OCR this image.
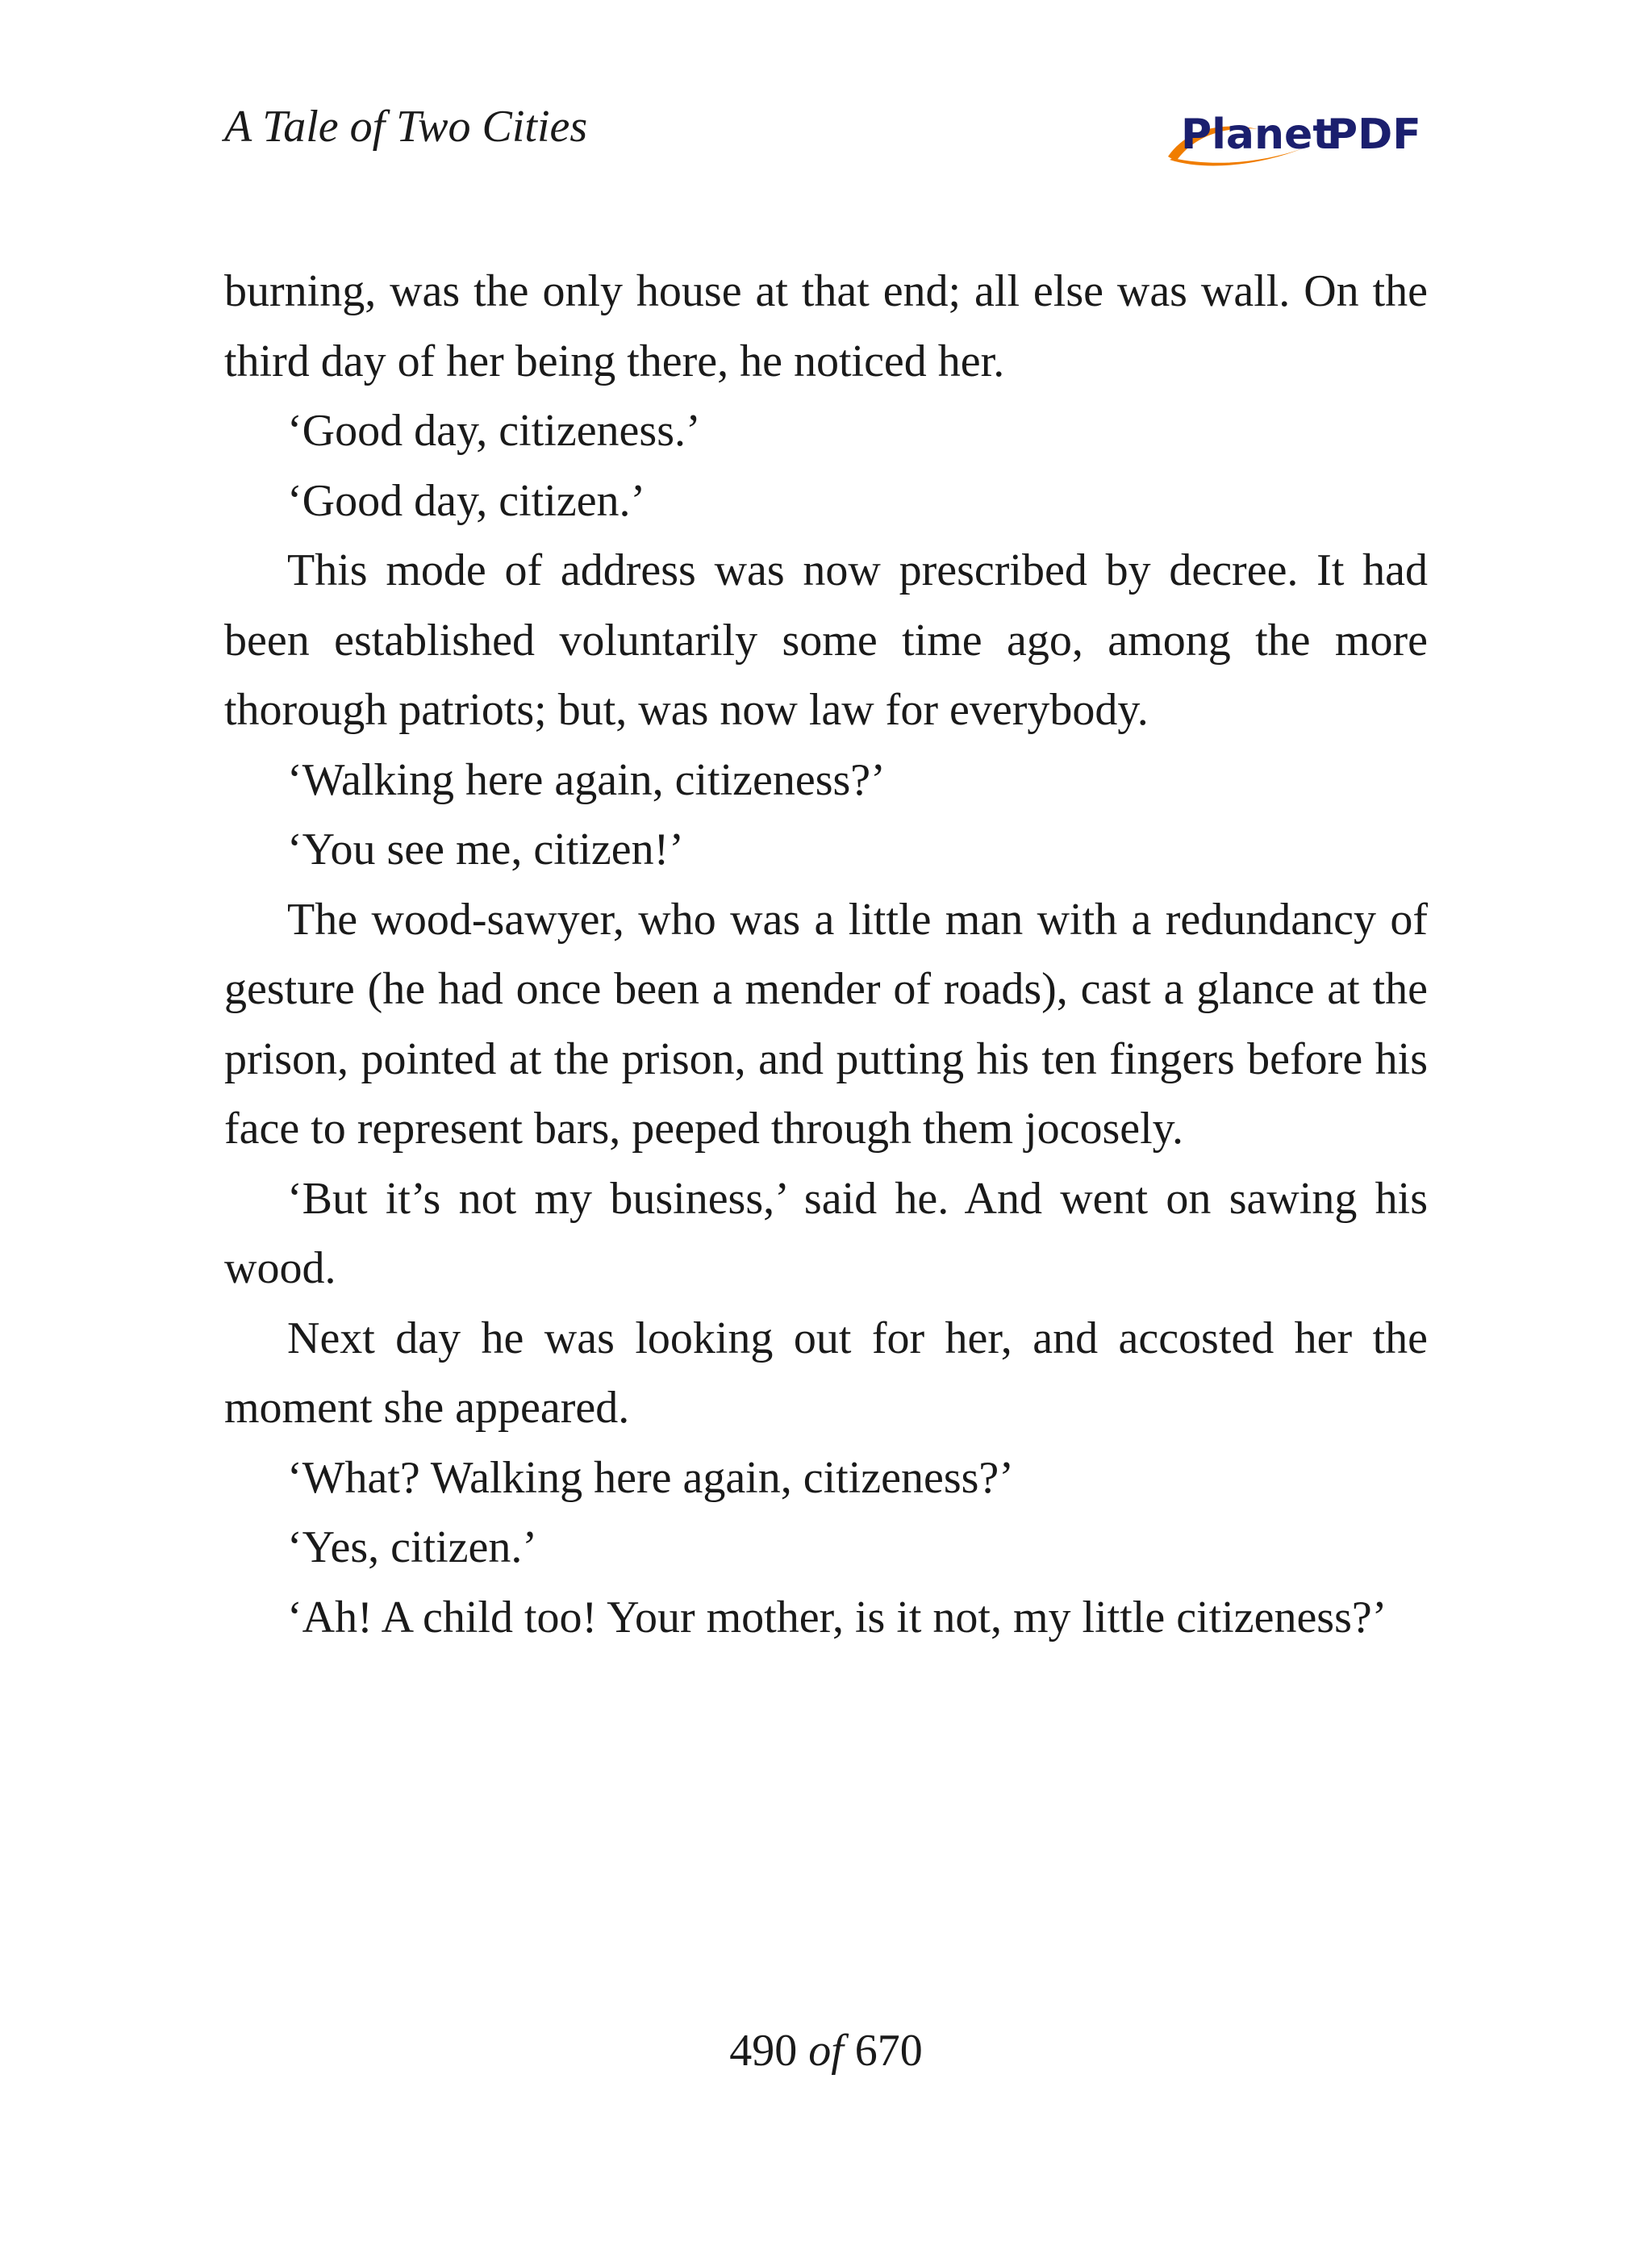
A Tale of Two Cities	Planet
PDF

burning, was the only house at that end; all else was wall. On the third day of her being there, he noticed her.

‘Good day, citizeness.’

‘Good day, citizen.’

This mode of address was now prescribed by decree. It had been established voluntarily some time ago, among the more thorough patriots; but, was now law for everybody.

‘Walking here again, citizeness?’

‘You see me, citizen!’

The wood-sawyer, who was a little man with a redundancy of gesture (he had once been a mender of roads), cast a glance at the prison, pointed at the prison, and putting his ten fingers before his face to represent bars, peeped through them jocosely.

‘But it’s not my business,’ said he. And went on sawing his wood.

Next day he was looking out for her, and accosted her the moment she appeared.

‘What? Walking here again, citizeness?’

‘Yes, citizen.’

‘Ah! A child too! Your mother, is it not, my little citizeness?’

490 of 670
